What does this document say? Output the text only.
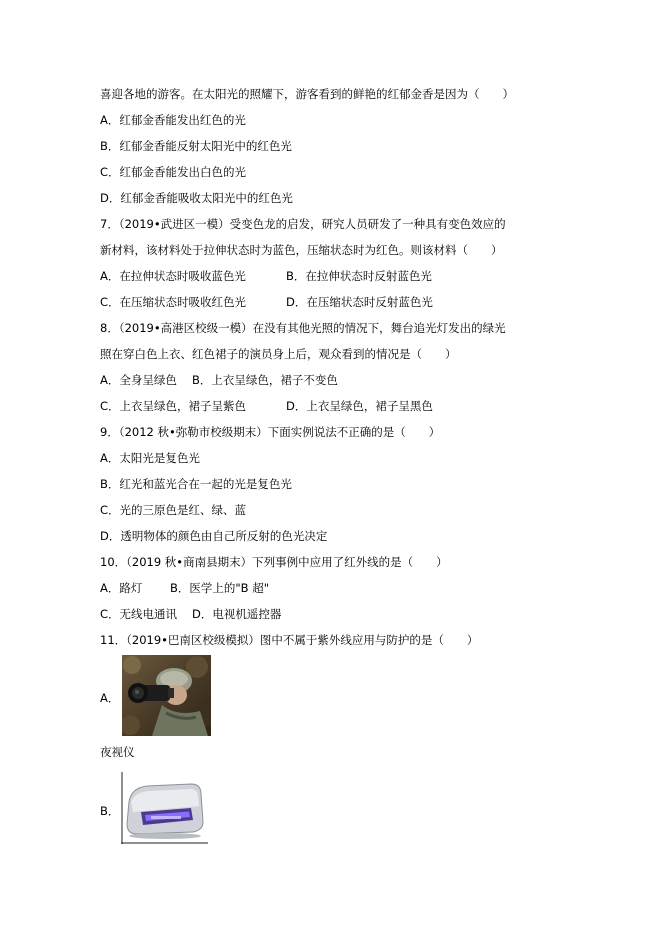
喜迎各地的游客。在太阳光的照耀下，游客看到的鲜艳的红郁金香是因为（　　）
A．红郁金香能发出红色的光
B．红郁金香能反射太阳光中的红色光
C．红郁金香能发出白色的光
D．红郁金香能吸收太阳光中的红色光
7．（2019•武进区一模）受变色龙的启发，研究人员研发了一种具有变色效应的
新材料，该材料处于拉伸状态时为蓝色，压缩状态时为红色。则该材料（　　）
A．在拉伸状态时吸收蓝色光	B．在拉伸状态时反射蓝色光
C．在压缩状态时吸收红色光	D．在压缩状态时反射蓝色光
8．（2019•高港区校级一模）在没有其他光照的情况下，舞台追光灯发出的绿光
照在穿白色上衣、红色裙子的演员身上后，观众看到的情况是（　　）
A．全身呈绿色 B．上衣呈绿色，裙子不变色
C．上衣呈绿色，裙子呈紫色	D．上衣呈绿色，裙子呈黑色
9．（2012 秋•弥勒市校级期末）下面实例说法不正确的是（　　）
A．太阳光是复色光
B．红光和蓝光合在一起的光是复色光
C．光的三原色是红、绿、蓝
D．透明物体的颜色由自己所反射的色光决定
10．（2019 秋•商南县期末）下列事例中应用了红外线的是（　　）
A．路灯 B．医学上的"B 超"
C．无线电通讯 D．电视机遥控器
11．（2019•巴南区校级模拟）图中不属于紫外线应用与防护的是（　　）
A．
夜视仪
B．
